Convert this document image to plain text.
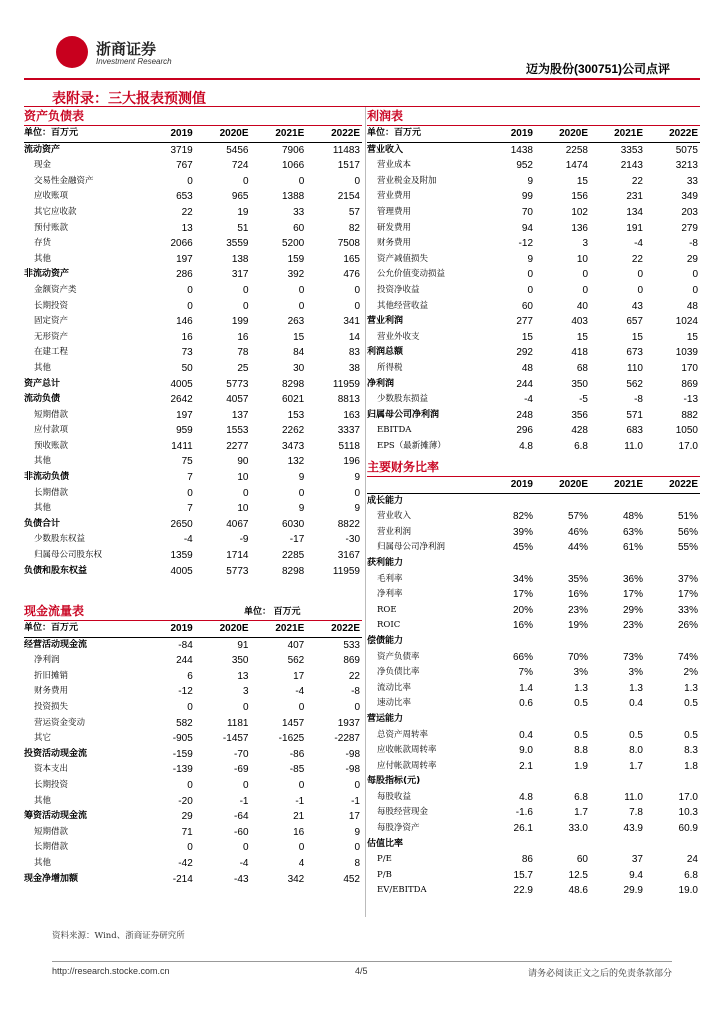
浙商证券
Investment Research
迈为股份(300751)公司点评
表附录：三大报表预测值
资产负债表
单位：百万元	2019	2020E	2021E	2022E
流动资产	3719	5456	7906	11483
现金	767	724	1066	1517
交易性金融资产	0	0	0	0
应收账项	653	965	1388	2154
其它应收款	22	19	33	57
预付账款	13	51	60	82
存货	2066	3559	5200	7508
其他	197	138	159	165
非流动资产	286	317	392	476
金额资产类	0	0	0	0
长期投资	0	0	0	0
固定资产	146	199	263	341
无形资产	16	16	15	14
在建工程	73	78	84	83
其他	50	25	30	38
资产总计	4005	5773	8298	11959
流动负债	2642	4057	6021	8813
短期借款	197	137	153	163
应付款项	959	1553	2262	3337
预收账款	1411	2277	3473	5118
其他	75	90	132	196
非流动负债	7	10	9	9
长期借款	0	0	0	0
其他	7	10	9	9
负债合计	2650	4067	6030	8822
少数股东权益	-4	-9	-17	-30
归属母公司股东权	1359	1714	2285	3167
负债和股东权益	4005	5773	8298	11959
现金流量表	单位： 百万元
单位：百万元	2019	2020E	2021E	2022E
经营活动现金流	-84	91	407	533
净利润	244	350	562	869
折旧摊销	6	13	17	22
财务费用	-12	3	-4	-8
投资损失	0	0	0	0
营运资金变动	582	1181	1457	1937
其它	-905	-1457	-1625	-2287
投资活动现金流	-159	-70	-86	-98
资本支出	-139	-69	-85	-98
长期投资	0	0	0	0
其他	-20	-1	-1	-1
筹资活动现金流	29	-64	21	17
短期借款	71	-60	16	9
长期借款	0	0	0	0
其他	-42	-4	4	8
现金净增加额	-214	-43	342	452
利润表
单位：百万元	2019	2020E	2021E	2022E
营业收入	1438	2258	3353	5075
营业成本	952	1474	2143	3213
营业税金及附加	9	15	22	33
营业费用	99	156	231	349
管理费用	70	102	134	203
研发费用	94	136	191	279
财务费用	-12	3	-4	-8
资产减值损失	9	10	22	29
公允价值变动损益	0	0	0	0
投资净收益	0	0	0	0
其他经营收益	60	40	43	48
营业利润	277	403	657	1024
营业外收支	15	15	15	15
利润总额	292	418	673	1039
所得税	48	68	110	170
净利润	244	350	562	869
少数股东损益	-4	-5	-8	-13
归属母公司净利润	248	356	571	882
EBITDA	296	428	683	1050
EPS（最新摊薄）	4.8	6.8	11.0	17.0
主要财务比率
	2019	2020E	2021E	2022E
成长能力				
营业收入	82%	57%	48%	51%
营业利润	39%	46%	63%	56%
归属母公司净利润	45%	44%	61%	55%
获利能力				
毛利率	34%	35%	36%	37%
净利率	17%	16%	17%	17%
ROE	20%	23%	29%	33%
ROIC	16%	19%	23%	26%
偿债能力				
资产负债率	66%	70%	73%	74%
净负债比率	7%	3%	3%	2%
流动比率	1.4	1.3	1.3	1.3
速动比率	0.6	0.5	0.4	0.5
营运能力				
总资产周转率	0.4	0.5	0.5	0.5
应收帐款周转率	9.0	8.8	8.0	8.3
应付帐款周转率	2.1	1.9	1.7	1.8
每股指标(元)				
每股收益	4.8	6.8	11.0	17.0
每股经营现金	-1.6	1.7	7.8	10.3
每股净资产	26.1	33.0	43.9	60.9
估值比率				
P/E	86	60	37	24
P/B	15.7	12.5	9.4	6.8
EV/EBITDA	22.9	48.6	29.9	19.0
资料来源：Wind、浙商证券研究所
http://research.stocke.com.cn	4/5	请务必阅读正文之后的免责条款部分
